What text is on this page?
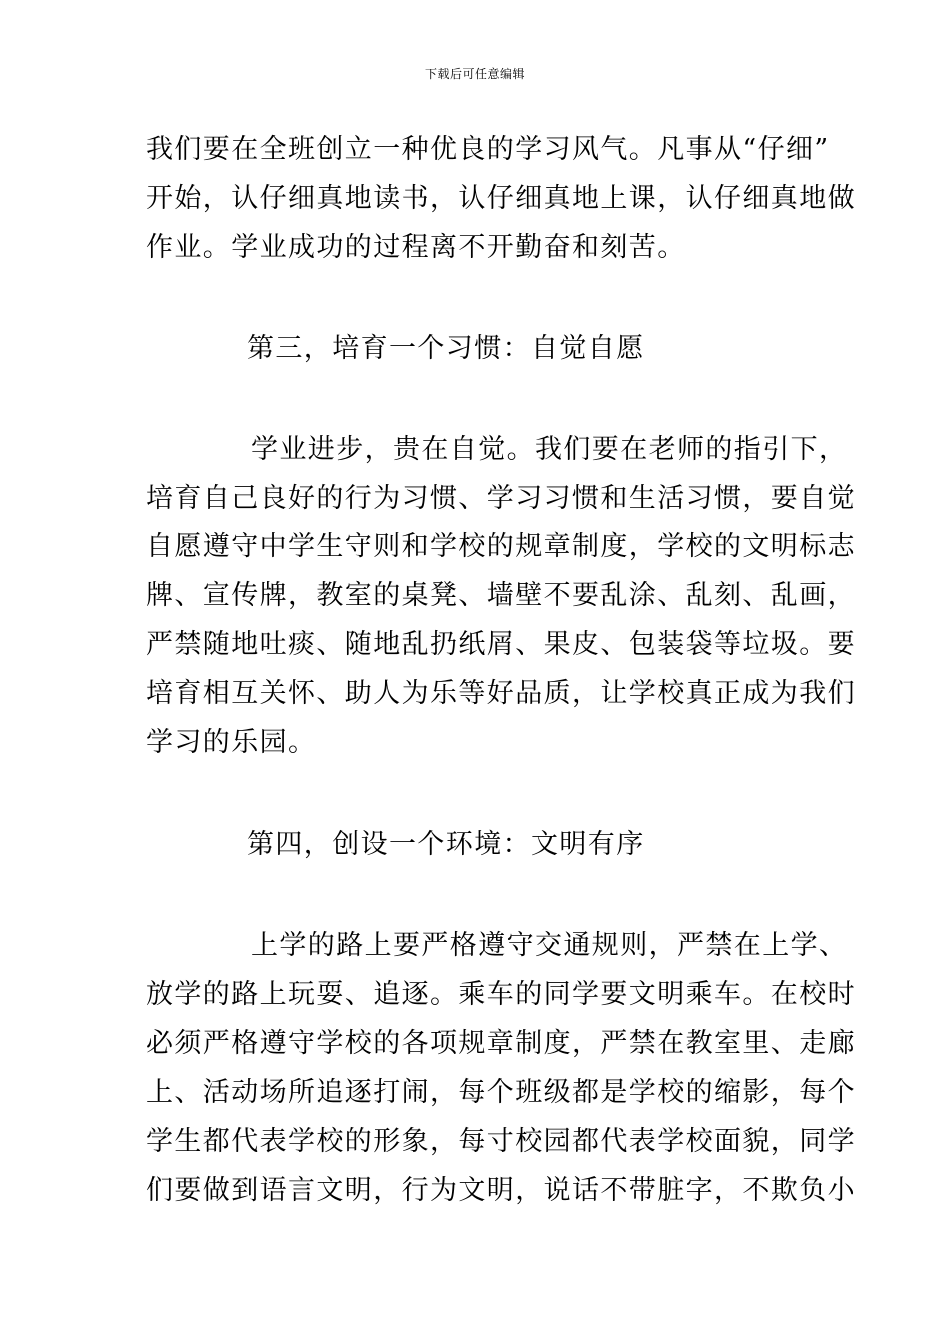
下载后可任意编辑
我们要在全班创立一种优良的学习风气。凡事从“仔细”
开始，认仔细真地读书，认仔细真地上课，认仔细真地做
作业。学业成功的过程离不开勤奋和刻苦。
第三，培育一个习惯：自觉自愿
学业进步，贵在自觉。我们要在老师的指引下，
培育自己良好的行为习惯、学习习惯和生活习惯，要自觉
自愿遵守中学生守则和学校的规章制度，学校的文明标志
牌、宣传牌，教室的桌凳、墙壁不要乱涂、乱刻、乱画，
严禁随地吐痰、随地乱扔纸屑、果皮、包装袋等垃圾。要
培育相互关怀、助人为乐等好品质，让学校真正成为我们
学习的乐园。
第四，创设一个环境：文明有序
上学的路上要严格遵守交通规则，严禁在上学、
放学的路上玩耍、追逐。乘车的同学要文明乘车。在校时
必须严格遵守学校的各项规章制度，严禁在教室里、走廊
上、活动场所追逐打闹，每个班级都是学校的缩影，每个
学生都代表学校的形象，每寸校园都代表学校面貌，同学
们要做到语言文明，行为文明，说话不带脏字，不欺负小
